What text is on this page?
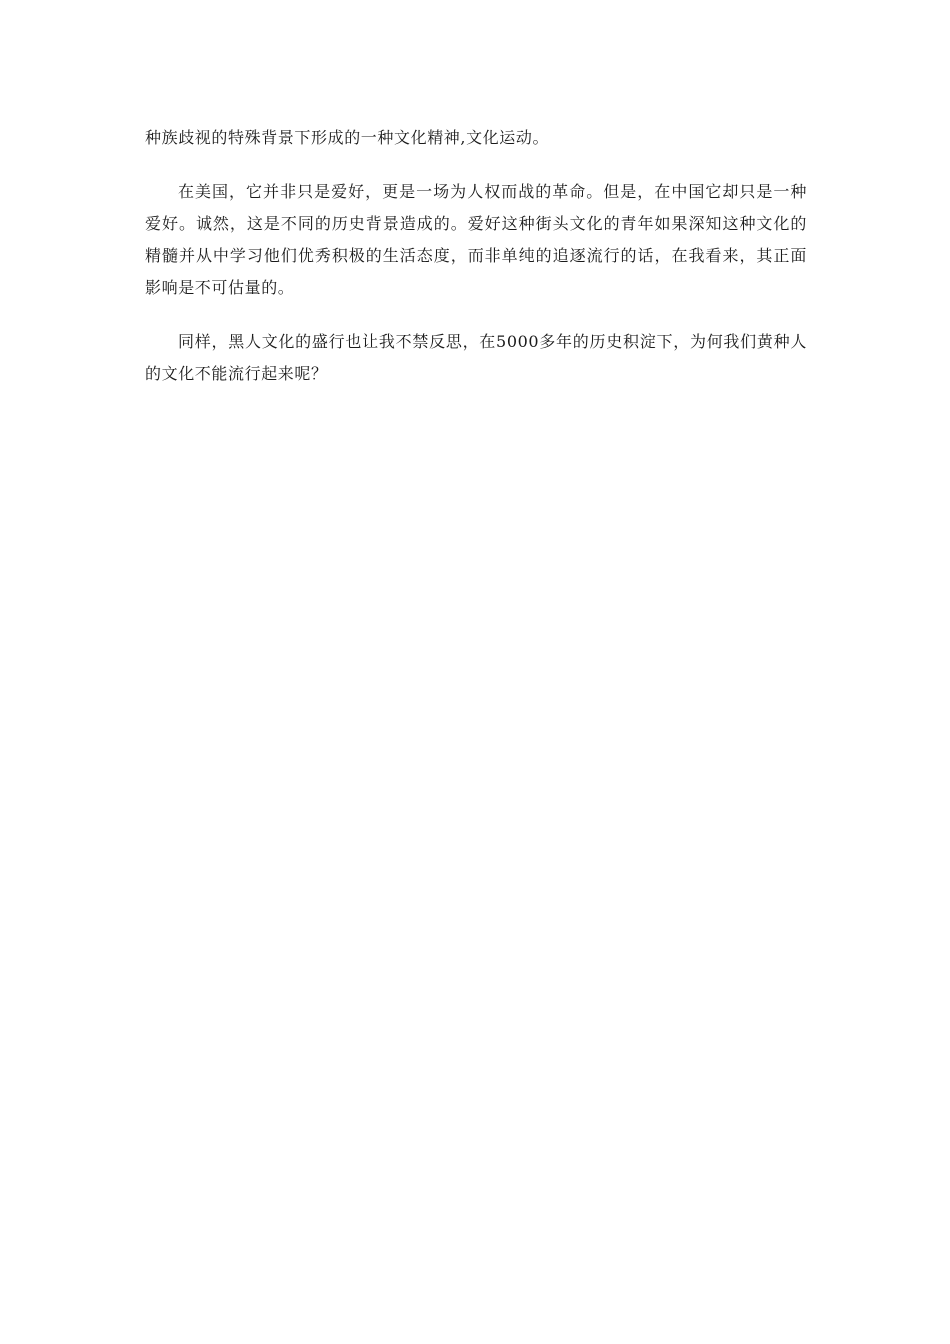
种族歧视的特殊背景下形成的一种文化精神,文化运动。

在美国，它并非只是爱好，更是一场为人权而战的革命。但是，在中国它却只是一种爱好。诚然，这是不同的历史背景造成的。爱好这种街头文化的青年如果深知这种文化的精髓并从中学习他们优秀积极的生活态度，而非单纯的追逐流行的话，在我看来，其正面影响是不可估量的。

同样，黑人文化的盛行也让我不禁反思，在5000多年的历史积淀下，为何我们黄种人的文化不能流行起来呢？
